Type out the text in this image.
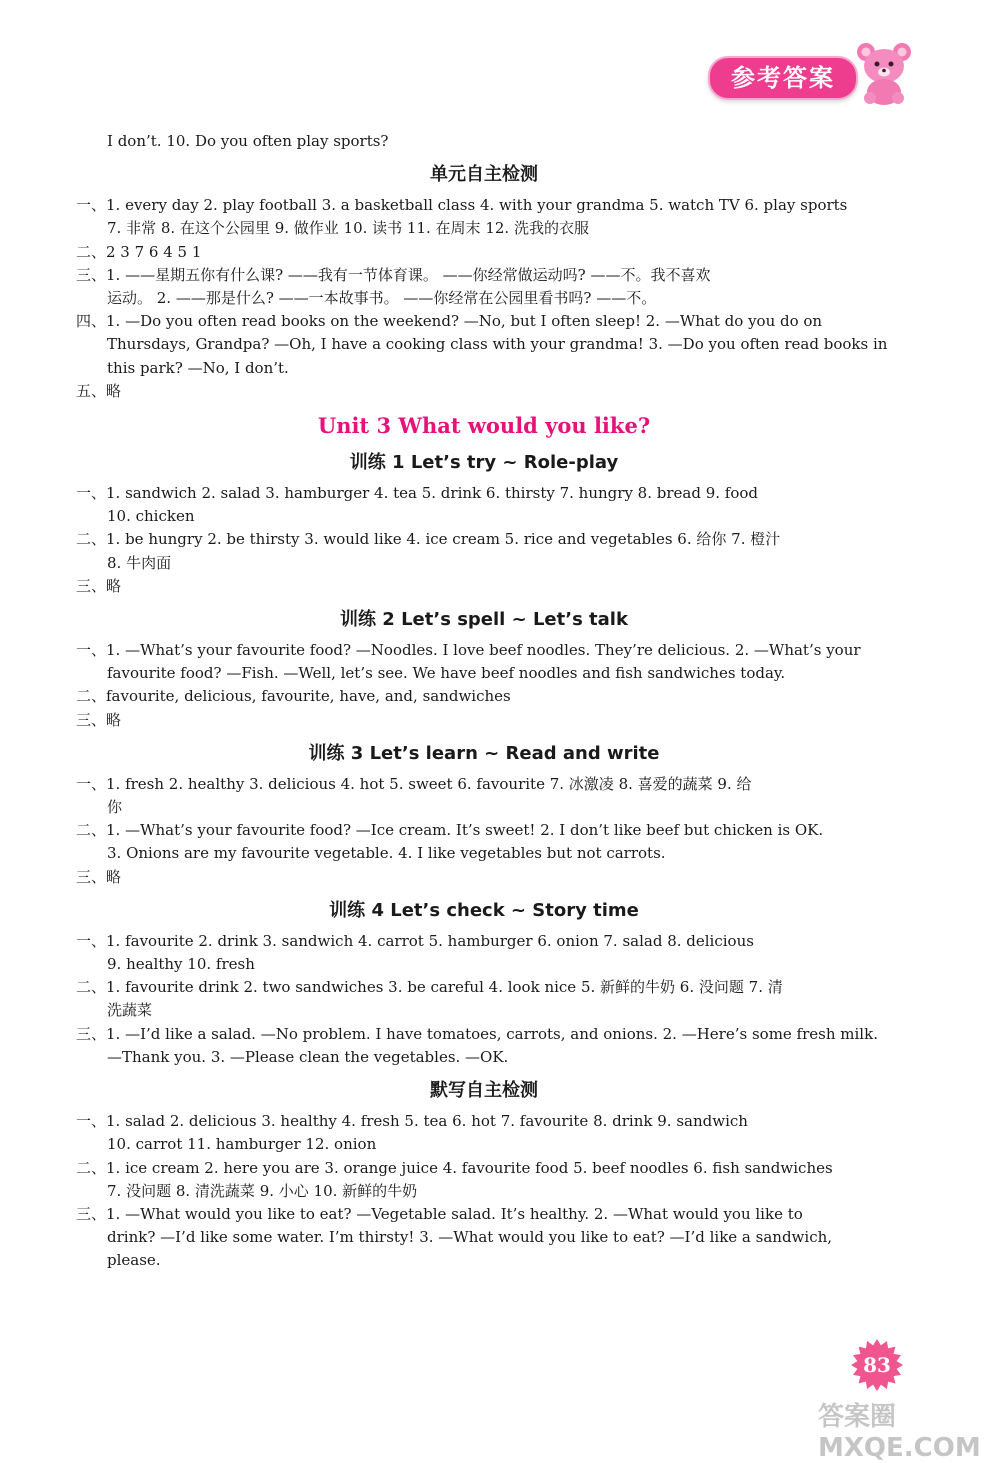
参考答案
I don’t. 10. Do you often play sports?
单元自主检测
一、1. every day 2. play football 3. a basketball class 4. with your grandma 5. watch TV 6. play sports
7. 非常 8. 在这个公园里 9. 做作业 10. 读书 11. 在周末 12. 洗我的衣服
二、2 3 7 6 4 5 1
三、1. ——星期五你有什么课? ——我有一节体育课。 ——你经常做运动吗? ——不。我不喜欢
运动。 2. ——那是什么? ——一本故事书。 ——你经常在公园里看书吗? ——不。
四、1. —Do you often read books on the weekend? —No, but I often sleep! 2. —What do you do on
Thursdays, Grandpa? —Oh, I have a cooking class with your grandma! 3. —Do you often read books in
this park? —No, I don’t.
五、略
Unit 3 What would you like?
训练 1 Let’s try ~ Role-play
一、1. sandwich 2. salad 3. hamburger 4. tea 5. drink 6. thirsty 7. hungry 8. bread 9. food
10. chicken
二、1. be hungry 2. be thirsty 3. would like 4. ice cream 5. rice and vegetables 6. 给你 7. 橙汁
8. 牛肉面
三、略
训练 2 Let’s spell ~ Let’s talk
一、1. —What’s your favourite food? —Noodles. I love beef noodles. They’re delicious. 2. —What’s your
favourite food? —Fish. —Well, let’s see. We have beef noodles and fish sandwiches today.
二、favourite, delicious, favourite, have, and, sandwiches
三、略
训练 3 Let’s learn ~ Read and write
一、1. fresh 2. healthy 3. delicious 4. hot 5. sweet 6. favourite 7. 冰激凌 8. 喜爱的蔬菜 9. 给
你
二、1. —What’s your favourite food? —Ice cream. It’s sweet! 2. I don’t like beef but chicken is OK.
3. Onions are my favourite vegetable. 4. I like vegetables but not carrots.
三、略
训练 4 Let’s check ~ Story time
一、1. favourite 2. drink 3. sandwich 4. carrot 5. hamburger 6. onion 7. salad 8. delicious
9. healthy 10. fresh
二、1. favourite drink 2. two sandwiches 3. be careful 4. look nice 5. 新鲜的牛奶 6. 没问题 7. 清
洗蔬菜
三、1. —I’d like a salad. —No problem. I have tomatoes, carrots, and onions. 2. —Here’s some fresh milk.
—Thank you. 3. —Please clean the vegetables. —OK.
默写自主检测
一、1. salad 2. delicious 3. healthy 4. fresh 5. tea 6. hot 7. favourite 8. drink 9. sandwich
10. carrot 11. hamburger 12. onion
二、1. ice cream 2. here you are 3. orange juice 4. favourite food 5. beef noodles 6. fish sandwiches
7. 没问题 8. 清洗蔬菜 9. 小心 10. 新鲜的牛奶
三、1. —What would you like to eat? —Vegetable salad. It’s healthy. 2. —What would you like to
drink? —I’d like some water. I’m thirsty! 3. —What would you like to eat? —I’d like a sandwich,
please.
83
答案圈 MXQE.COM
